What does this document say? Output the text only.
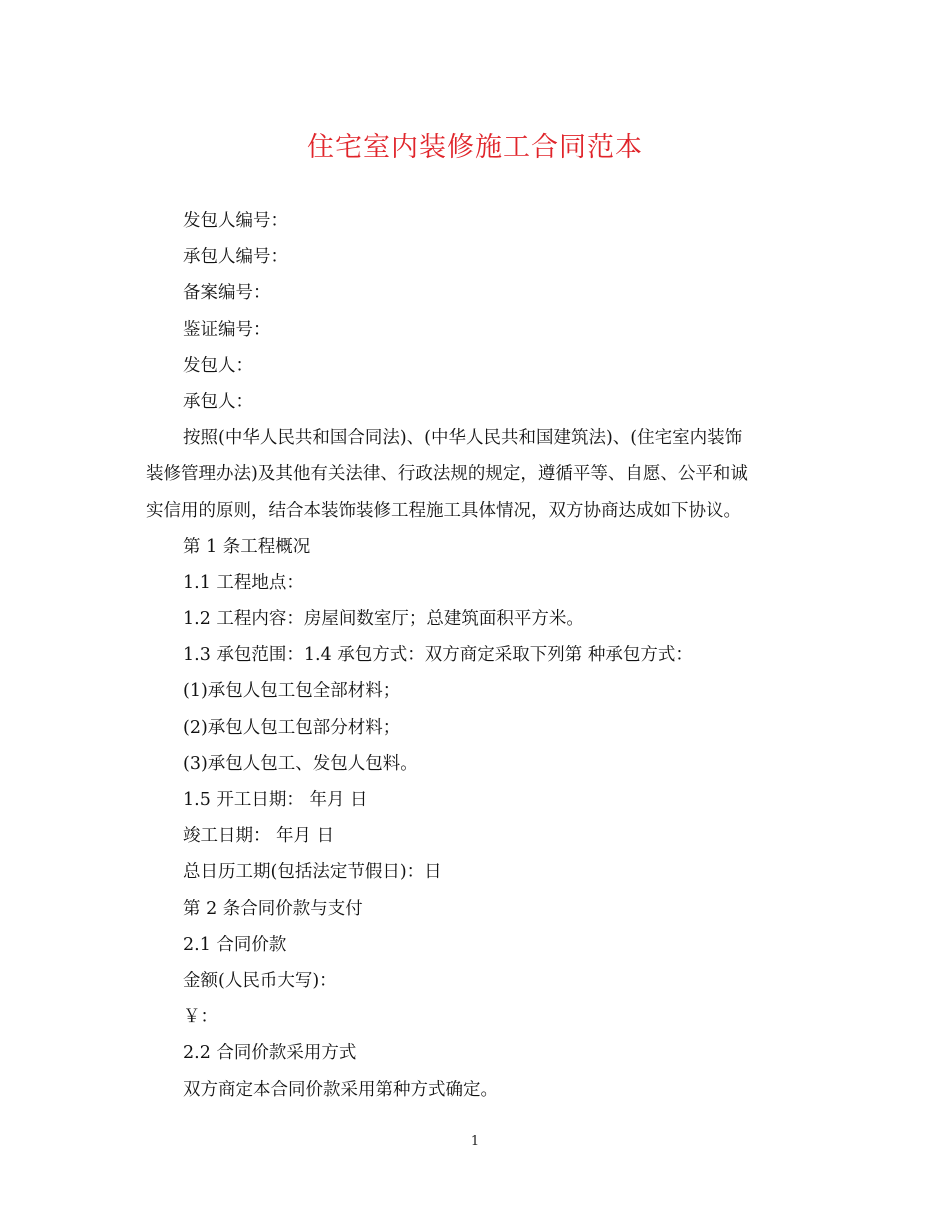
住宅室内装修施工合同范本
发包人编号：
承包人编号：
备案编号：
鉴证编号：
发包人：
承包人：
按照(中华人民共和国合同法)、(中华人民共和国建筑法)、(住宅室内装饰
装修管理办法)及其他有关法律、行政法规的规定，遵循平等、自愿、公平和诚
实信用的原则，结合本装饰装修工程施工具体情况，双方协商达成如下协议。
第 1 条工程概况
1.1 工程地点：
1.2 工程内容：房屋间数室厅；总建筑面积平方米。
1.3 承包范围：1.4 承包方式：双方商定采取下列第 种承包方式：
(1)承包人包工包全部材料；
(2)承包人包工包部分材料；
(3)承包人包工、发包人包料。
1.5 开工日期： 年月 日
竣工日期： 年月 日
总日历工期(包括法定节假日)：日
第 2 条合同价款与支付
2.1 合同价款
金额(人民币大写)：
￥：
2.2 合同价款采用方式
双方商定本合同价款采用第种方式确定。
1
